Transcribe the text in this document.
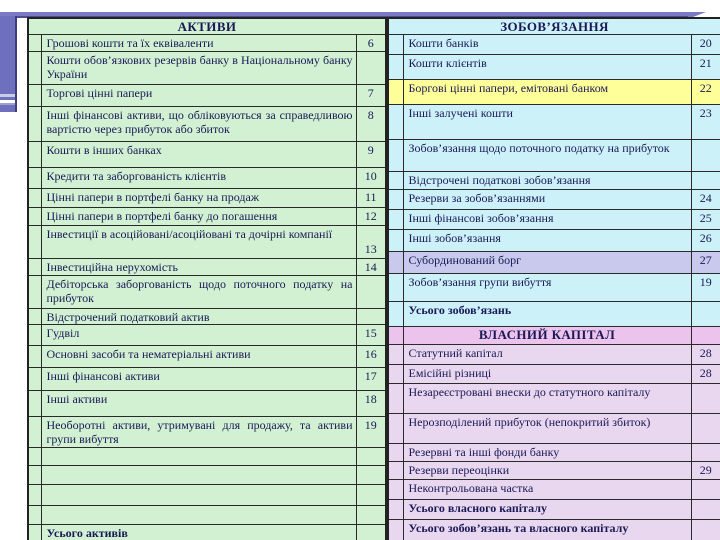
АКТИВИ		
	Грошові кошти та їх еквіваленти	6
	Кошти обов’язкових резервів банку в Національному банку України	
	Торгові цінні папери	7
	Інші фінансові активи, що обліковуються за справедливою вартістю через прибуток або збиток	8
	Кошти в інших банках	9
	Кредити та заборгованість клієнтів	10
	Цінні папери в портфелі банку на продаж	11
	Цінні папери в портфелі банку до погашення	12
	Інвестиції в асоційовані/асоційовані та дочірні компанії	13
	Інвестиційна нерухомість	14
	Дебіторська заборгованість щодо поточного податку на прибуток	
	Відстрочений податковий актив	
	Гудвіл	15
	Основні засоби та нематеріальні активи	16
	Інші фінансові активи	17
	Інші активи	18
	Необоротні активи, утримувані для продажу, та активи групи вибуття	19

	Усього активів	
ЗОБОВ’ЯЗАННЯ		
	Кошти банків	20
	Кошти клієнтів	21
	Боргові цінні папери, емітовані банком	22
	Інші залучені кошти	23
	Зобов’язання щодо поточного податку на прибуток	
	Відстрочені податкові зобов’язання	
	Резерви за зобов’язаннями	24
	Інші фінансові зобов’язання	25
	Інші зобов’язання	26
	Субординований борг	27
	Зобов’язання групи вибуття	19
	Усього зобов’язань	
	ВЛАСНИЙ КАПІТАЛ	
	Статутний капітал	28
	Емісійні різниці	28
	Незареєстровані внески до статутного капіталу	
	Нерозподілений прибуток (непокритий збиток)	
	Резервні та інші фонди банку	
	Резерви переоцінки	29
	Неконтрольована частка	
	Усього власного капіталу	
	Усього зобов’язань та власного капіталу	
